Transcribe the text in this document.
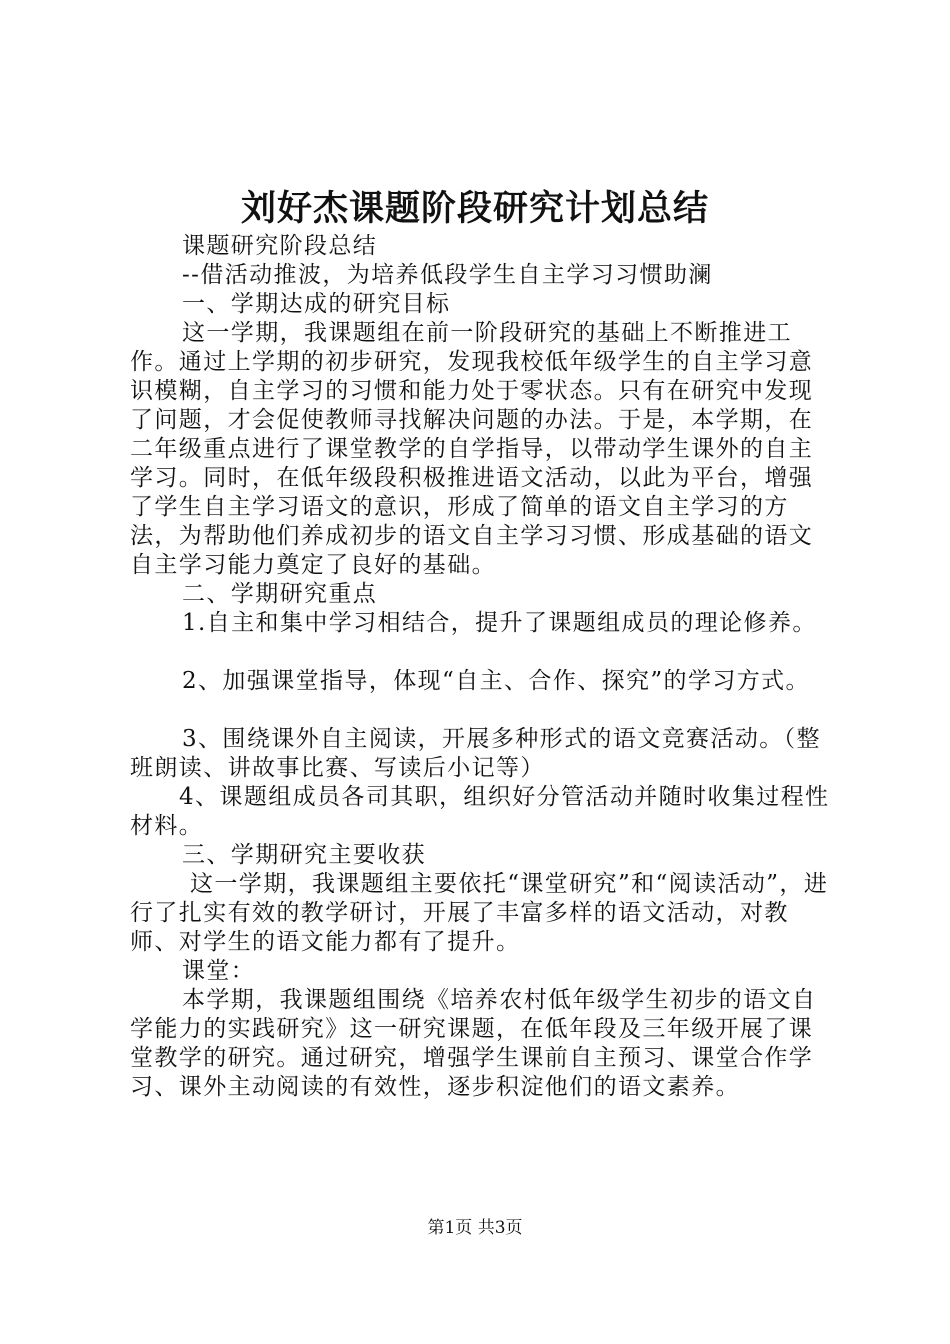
刘好杰课题阶段研究计划总结

课题研究阶段总结

--借活动推波，为培养低段学生自主学习习惯助澜

一、学期达成的研究目标

这一学期，我课题组在前一阶段研究的基础上不断推进工作。通过上学期的初步研究，发现我校低年级学生的自主学习意识模糊，自主学习的习惯和能力处于零状态。只有在研究中发现了问题，才会促使教师寻找解决问题的办法。于是，本学期，在二年级重点进行了课堂教学的自学指导，以带动学生课外的自主学习。同时，在低年级段积极推进语文活动，以此为平台，增强了学生自主学习语文的意识，形成了简单的语文自主学习的方法，为帮助他们养成初步的语文自主学习习惯、形成基础的语文自主学习能力奠定了良好的基础。

二、学期研究重点

1.自主和集中学习相结合，提升了课题组成员的理论修养。

2、加强课堂指导，体现“自主、合作、探究”的学习方式。

3、围绕课外自主阅读，开展多种形式的语文竞赛活动。（整班朗读、讲故事比赛、写读后小记等）

4、课题组成员各司其职，组织好分管活动并随时收集过程性材料。

三、学期研究主要收获

这一学期，我课题组主要依托“课堂研究”和“阅读活动”，进行了扎实有效的教学研讨，开展了丰富多样的语文活动，对教师、对学生的语文能力都有了提升。

课堂：

本学期，我课题组围绕《培养农村低年级学生初步的语文自学能力的实践研究》这一研究课题，在低年段及三年级开展了课堂教学的研究。通过研究，增强学生课前自主预习、课堂合作学习、课外主动阅读的有效性，逐步积淀他们的语文素养。

第1页 共3页
